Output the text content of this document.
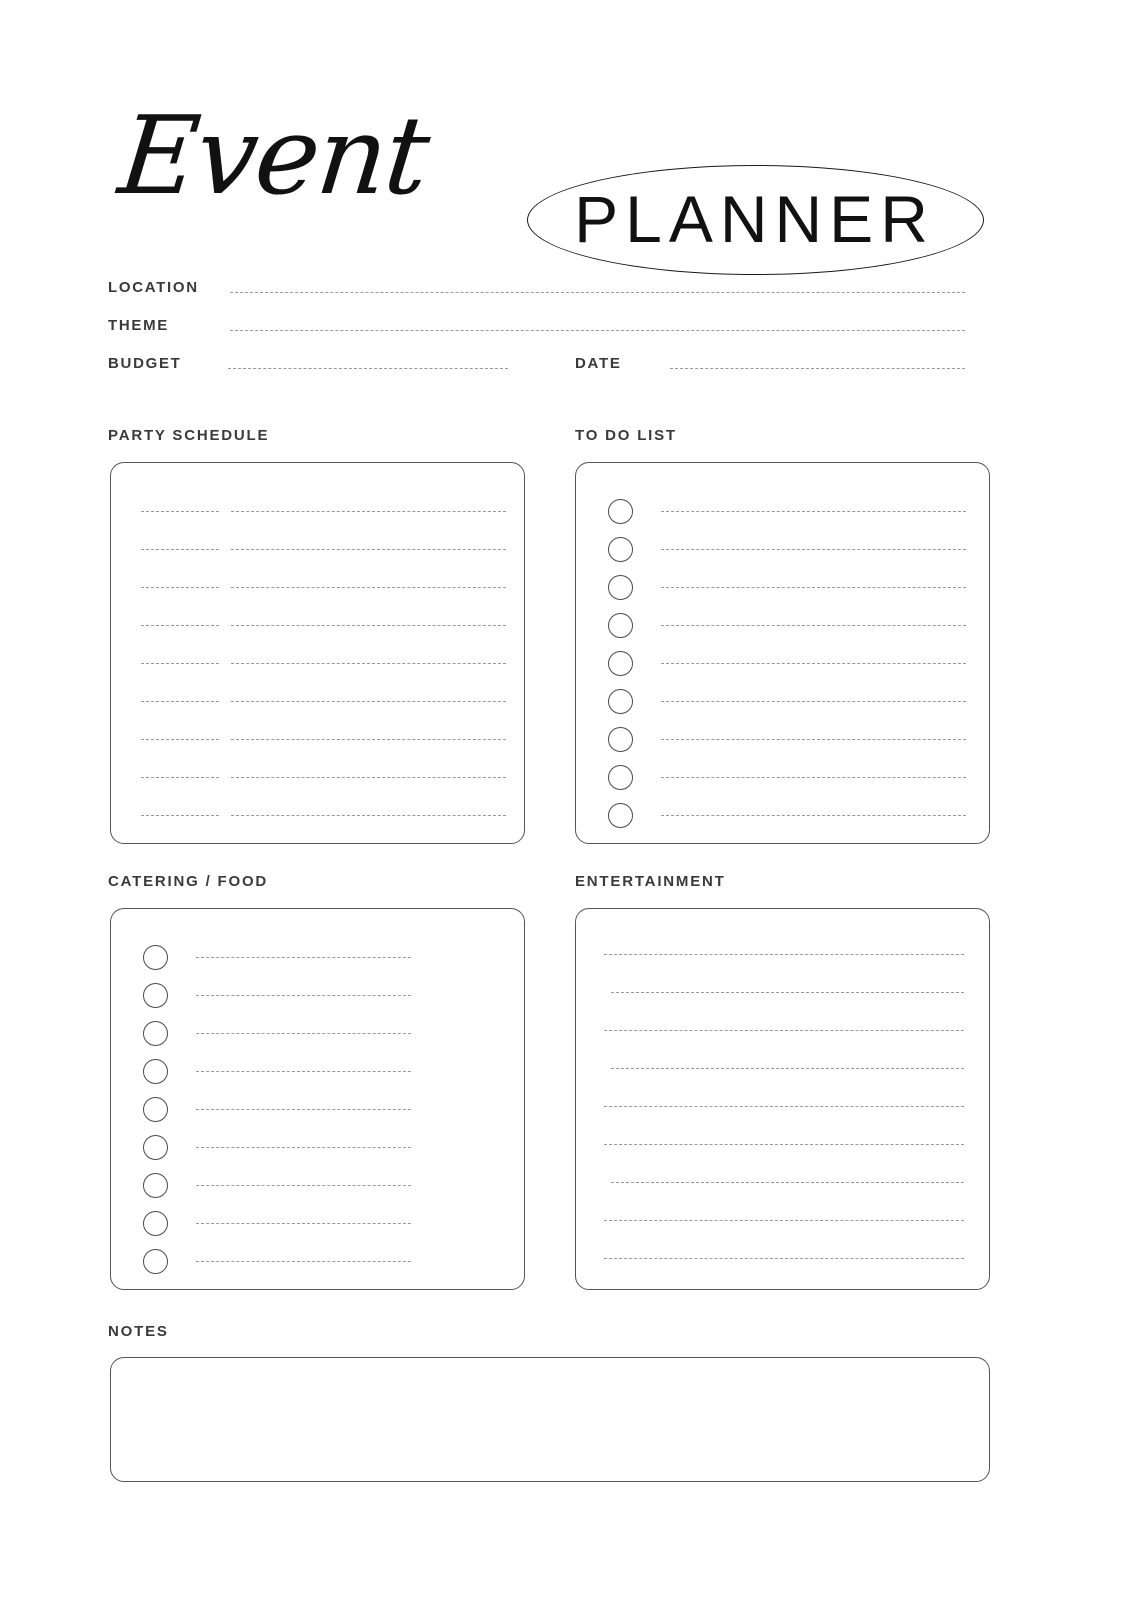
Event	PLANNER
LOCATION
THEME
BUDGET	DATE
PARTY SCHEDULE	TO DO LIST
CATERING / FOOD	ENTERTAINMENT
NOTES
